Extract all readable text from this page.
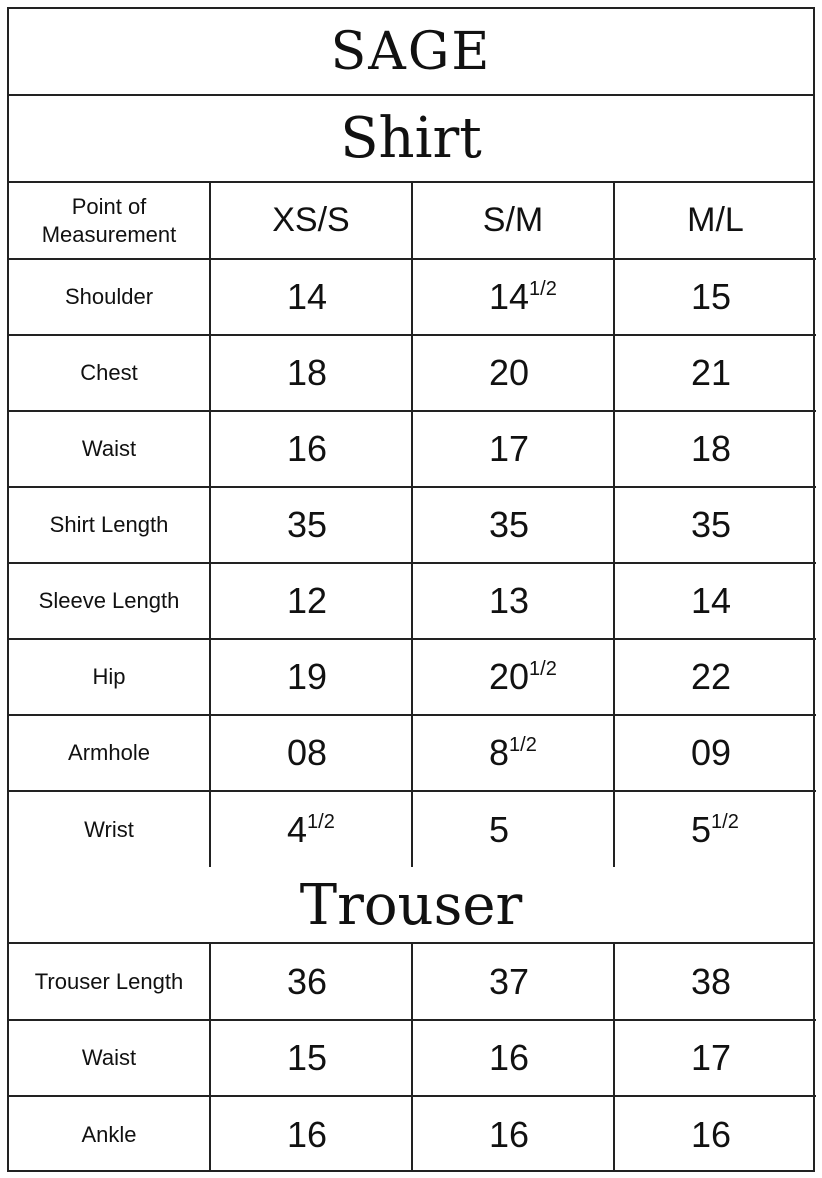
SAGE
Shirt
Point of
Measurement	XS/S	S/M	M/L
Shoulder	14	$14^{1/2}$	15
Chest	18	20	21
Waist	16	17	18
Shirt Length	35	35	35
Sleeve Length	12	13	14
Hip	19	$20^{1/2}$	22
Armhole	08	$8^{1/2}$	09
Wrist	$4^{1/2}$	5	$5^{1/2}$
Trouser
Trouser Length	36	37	38
Waist	15	16	17
Ankle	16	16	16
